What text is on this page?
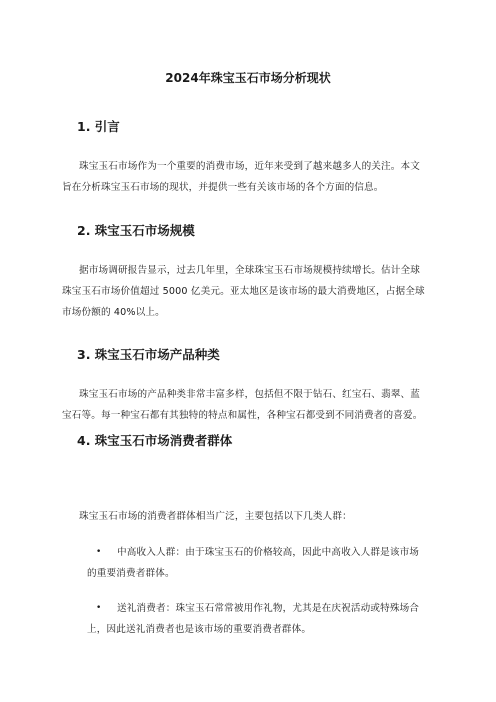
2024年珠宝玉石市场分析现状
1. 引言
珠宝玉石市场作为一个重要的消费市场，近年来受到了越来越多人的关注。本文
旨在分析珠宝玉石市场的现状，并提供一些有关该市场的各个方面的信息。
2. 珠宝玉石市场规模
据市场调研报告显示，过去几年里，全球珠宝玉石市场规模持续增长。估计全球
珠宝玉石市场价值超过 5000 亿美元。亚太地区是该市场的最大消费地区，占据全球
市场份额的 40%以上。
3. 珠宝玉石市场产品种类
珠宝玉石市场的产品种类非常丰富多样，包括但不限于钻石、红宝石、翡翠、蓝
宝石等。每一种宝石都有其独特的特点和属性，各种宝石都受到不同消费者的喜爱。
4. 珠宝玉石市场消费者群体
珠宝玉石市场的消费者群体相当广泛，主要包括以下几类人群：
•	中高收入人群：由于珠宝玉石的价格较高，因此中高收入人群是该市场
的重要消费者群体。
•	送礼消费者：珠宝玉石常常被用作礼物，尤其是在庆祝活动或特殊场合
上，因此送礼消费者也是该市场的重要消费者群体。
